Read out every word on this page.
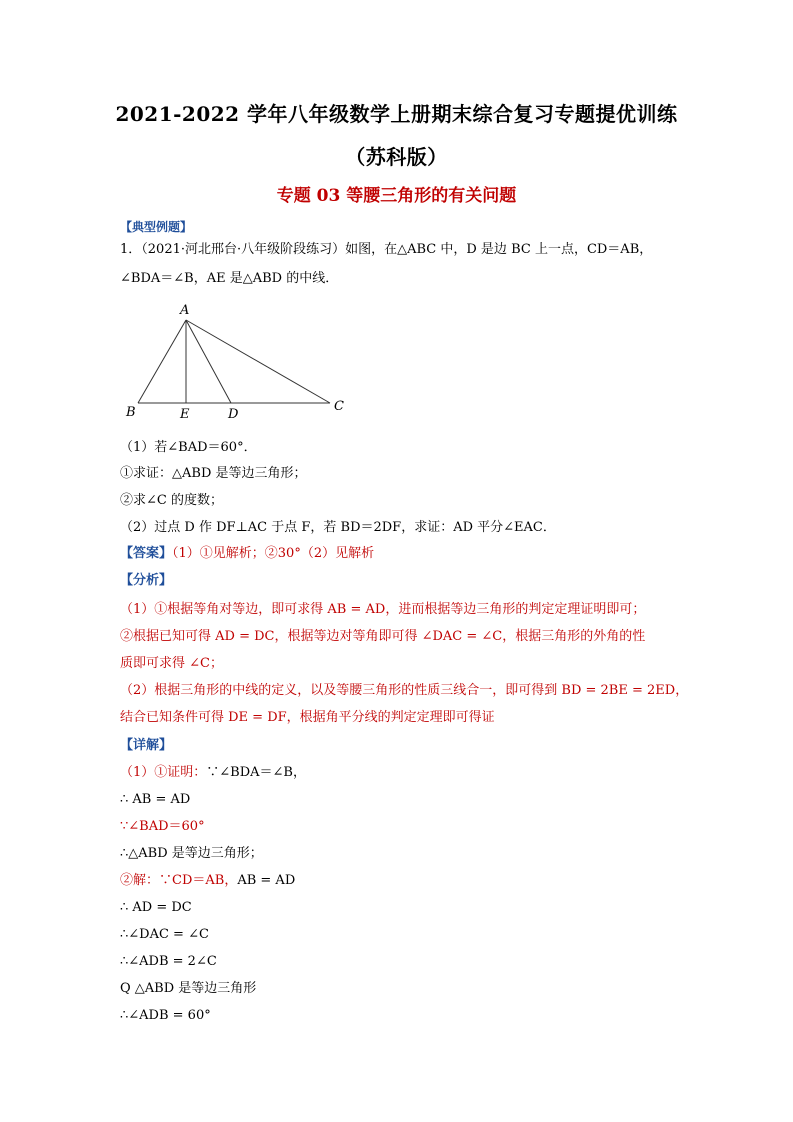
2021-2022 学年八年级数学上册期末综合复习专题提优训练
（苏科版）
专题 03 等腰三角形的有关问题
【典型例题】
1．（2021·河北邢台·八年级阶段练习）如图，在△ABC 中，D 是边 BC 上一点，CD＝AB，
∠BDA＝∠B，AE 是△ABD 的中线．
A
B	E	D
C
（1）若∠BAD＝60°．
①求证：△ABD 是等边三角形；
②求∠C 的度数；
（2）过点 D 作 DF⊥AC 于点 F，若 BD＝2DF，求证：AD 平分∠EAC．
【答案】（1）①见解析；②30°（2）见解析
【分析】
（1）①根据等角对等边，即可求得 AB = AD，进而根据等边三角形的判定定理证明即可；
②根据已知可得 AD = DC，根据等边对等角即可得 ∠DAC = ∠C，根据三角形的外角的性
质即可求得 ∠C；
（2）根据三角形的中线的定义，以及等腰三角形的性质三线合一，即可得到 BD = 2BE = 2ED，
结合已知条件可得 DE = DF，根据角平分线的判定定理即可得证
【详解】
（1）①证明：∵∠BDA＝∠B，
∴ AB = AD
∵∠BAD＝60°
∴△ABD 是等边三角形；
②解：∵CD＝AB，AB = AD
∴ AD = DC
∴∠DAC = ∠C
∴∠ADB = 2∠C
Q △ABD 是等边三角形
∴∠ADB = 60°
